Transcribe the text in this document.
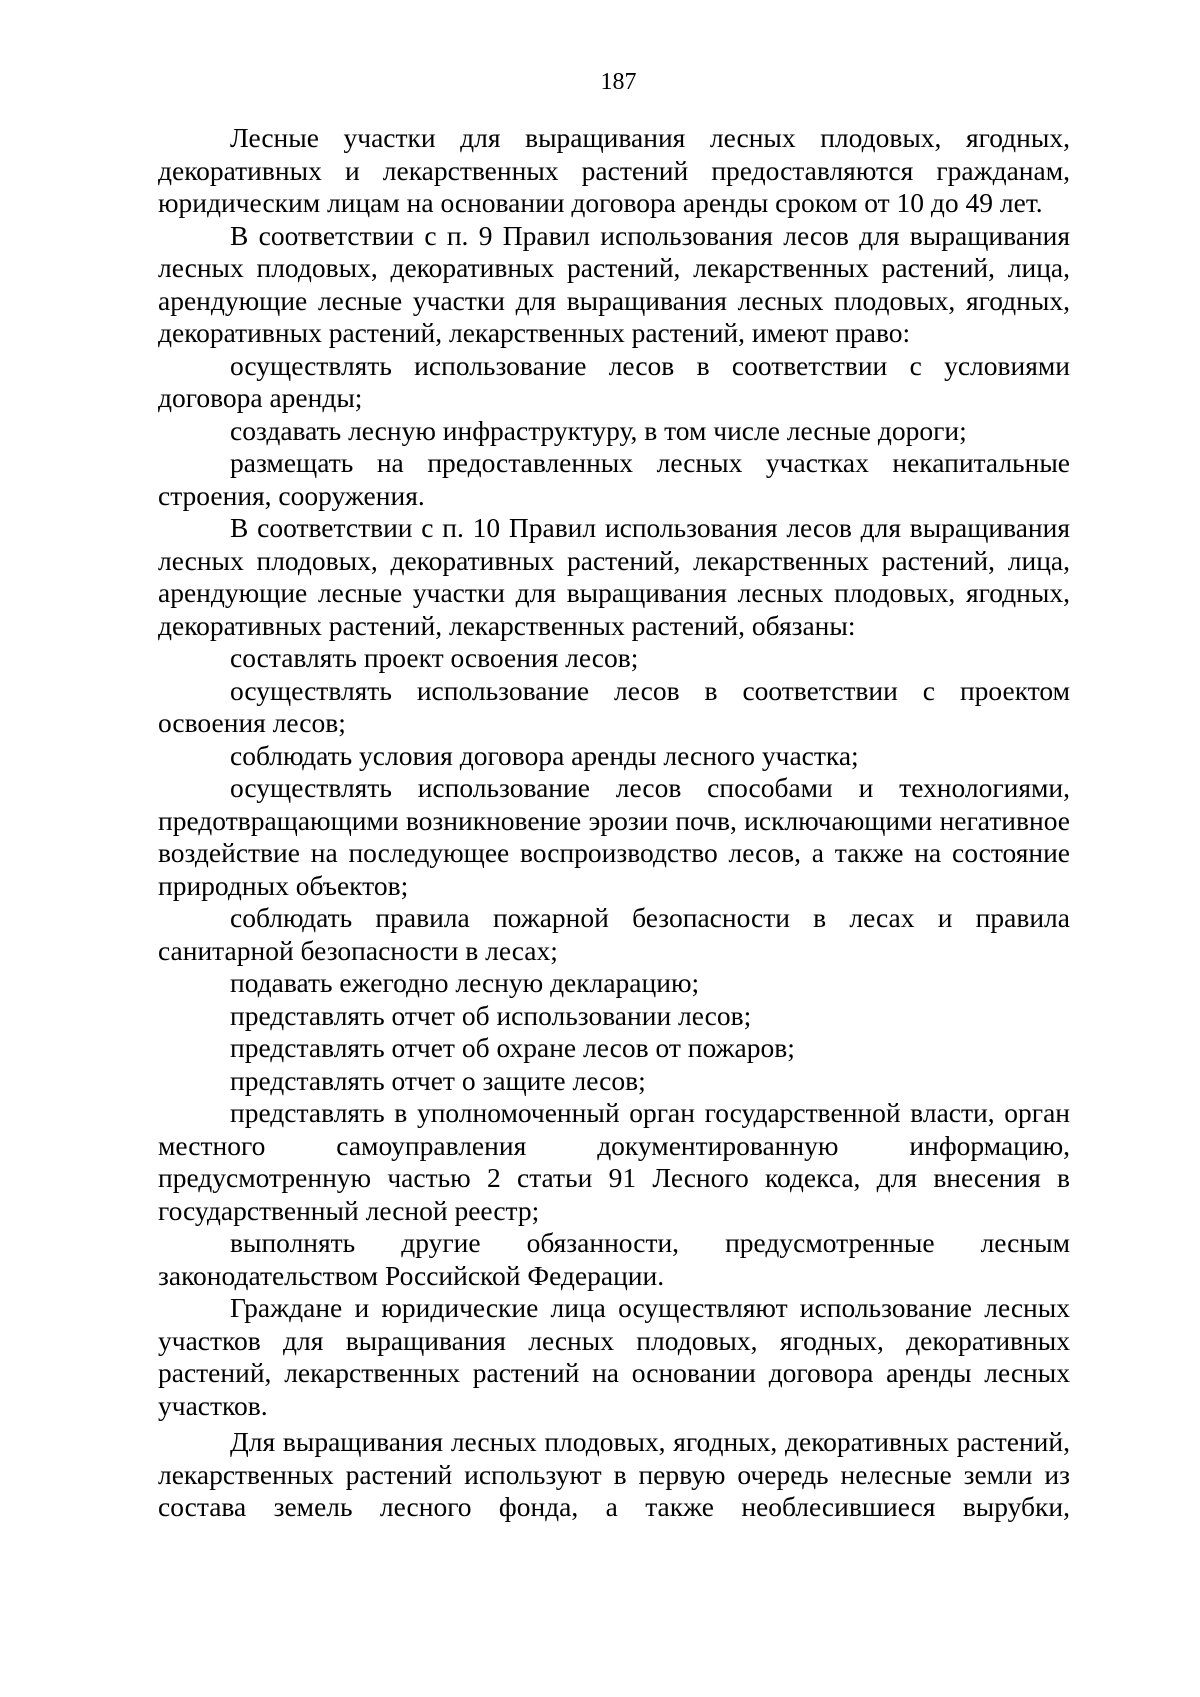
187

Лесные участки для выращивания лесных плодовых, ягодных, декоративных и лекарственных растений предоставляются гражданам, юридическим лицам на основании договора аренды сроком от 10 до 49 лет.

В соответствии с п. 9 Правил использования лесов для выращивания лесных плодовых, декоративных растений, лекарственных растений, лица, арендующие лесные участки для выращивания лесных плодовых, ягодных, декоративных растений, лекарственных растений, имеют право:

осуществлять использование лесов в соответствии с условиями договора аренды;

создавать лесную инфраструктуру, в том числе лесные дороги;

размещать на предоставленных лесных участках некапитальные строения, сооружения.

В соответствии с п. 10 Правил использования лесов для выращивания лесных плодовых, декоративных растений, лекарственных растений, лица, арендующие лесные участки для выращивания лесных плодовых, ягодных, декоративных растений, лекарственных растений, обязаны:

составлять проект освоения лесов;

осуществлять использование лесов в соответствии с проектом освоения лесов;

соблюдать условия договора аренды лесного участка;

осуществлять использование лесов способами и технологиями, предотвращающими возникновение эрозии почв, исключающими негативное воздействие на последующее воспроизводство лесов, а также на состояние природных объектов;

соблюдать правила пожарной безопасности в лесах и правила санитарной безопасности в лесах;

подавать ежегодно лесную декларацию;

представлять отчет об использовании лесов;

представлять отчет об охране лесов от пожаров;

представлять отчет о защите лесов;

представлять в уполномоченный орган государственной власти, орган местного самоуправления документированную информацию, предусмотренную частью 2 статьи 91 Лесного кодекса, для внесения в государственный лесной реестр;

выполнять другие обязанности, предусмотренные лесным законодательством Российской Федерации.

Граждане и юридические лица осуществляют использование лесных участков для выращивания лесных плодовых, ягодных, декоративных растений, лекарственных растений на основании договора аренды лесных участков.

Для выращивания лесных плодовых, ягодных, декоративных растений, лекарственных растений используют в первую очередь нелесные земли из состава земель лесного фонда, а также необлесившиеся вырубки,
